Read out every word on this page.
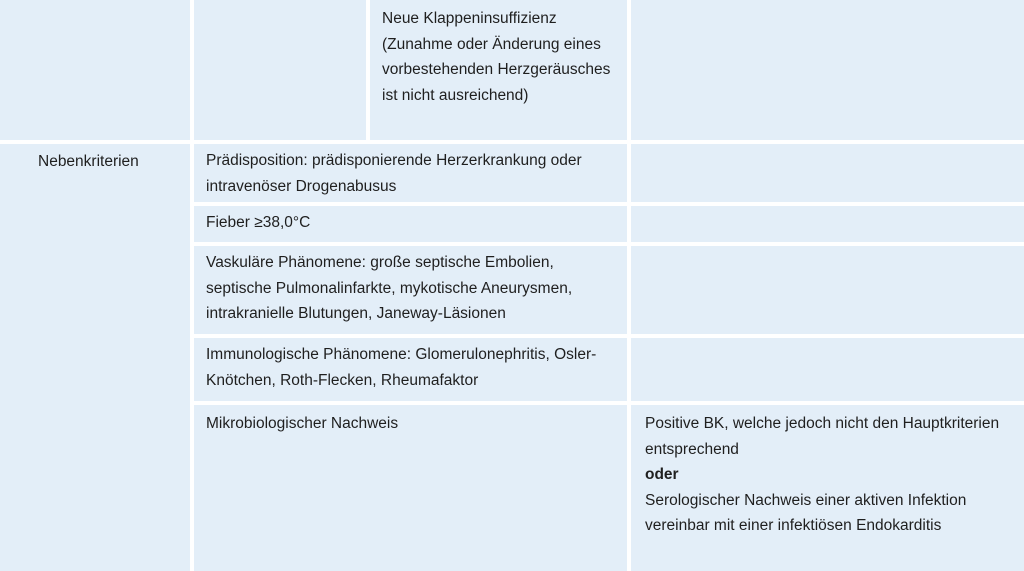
Neue Klappeninsuffizienz (Zunahme oder Änderung eines vorbestehenden Herzgeräusches ist nicht ausreichend)

Nebenkriterien	Prädisposition: prädisponierende Herzerkrankung oder intravenöser Drogenabusus

Fieber ≥38,0°C

Vaskuläre Phänomene: große septische Embolien, septische Pulmonalinfarkte, mykotische Aneurysmen, intrakranielle Blutungen, Janeway-Läsionen

Immunologische Phänomene: Glomerulonephritis, Osler-Knötchen, Roth-Flecken, Rheumafaktor

Mikrobiologischer Nachweis	Positive BK, welche jedoch nicht den Hauptkriterien entsprechend

oder

Serologischer Nachweis einer aktiven Infektion vereinbar mit einer infektiösen Endokarditis
